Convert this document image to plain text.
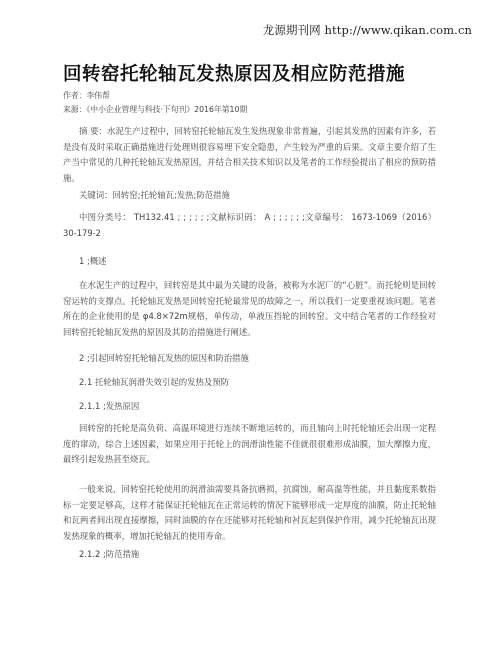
龙源期刊网 http://www.qikan.com.cn
回转窑托轮轴瓦发热原因及相应防范措施
作者：李伟帮
来源：《中小企业管理与科技·下旬刊》2016年第10期

摘 要：水泥生产过程中，回转窑托轮轴瓦发生发热现象非常普遍，引起其发热的因素有许多，若是没有及时采取正确措施进行处理则很容易埋下安全隐患，产生较为严重的后果。文章主要介绍了生产当中常见的几种托轮轴瓦发热原因，并结合相关技术知识以及笔者的工作经验提出了相应的预防措施。

关键词：回转窑;托轮轴瓦;发热;防范措施

中图分类号： TH132.41 ; ; ; ; ; ;文献标识码： A ; ; ; ; ; ;文章编号： 1673-1069（2016）30-179-2

1 ;概述

在水泥生产的过程中，回转窑是其中最为关键的设备，被称为水泥厂的“心脏”。而托轮则是回转窑运转的支撑点。托轮轴瓦发热是回转窑托轮最常见的故障之一，所以我们一定要重视该问题。笔者所在的企业使用的是 φ4.8×72m规格，单传动，单液压挡轮的回转窑。文中结合笔者的工作经验对回转窑托轮轴瓦发热的原因及其防治措施进行阐述。

2 ;引起回转窑托轮轴瓦发热的原因和防治措施
2.1 托轮轴瓦润滑失效引起的发热及预防
2.1.1 ;发热原因

回转窑的托轮是高负荷、高温环境进行连续不断地运转的，而且轴向上时托轮轴还会出现一定程度的窜动，综合上述因素，如果应用于托轮上的润滑油性能不佳就很很难形成油膜，加大摩擦力度，最终引起发热甚至烧瓦。

一般来说，回转窑托轮使用的润滑油需要具备抗磨损，抗腐蚀，耐高温等性能，并且黏度系数指标一定要足够高，这样才能保证托轮轴瓦在正常运转的情况下能够形成一定厚度的油膜，防止托轮轴和瓦两者间出现直接摩擦，同时油膜的存在还能够对托轮轴和衬瓦起到保护作用，减少托轮轴瓦出现发热现象的概率，增加托轮轴瓦的使用寿命。

2.1.2 ;防范措施
